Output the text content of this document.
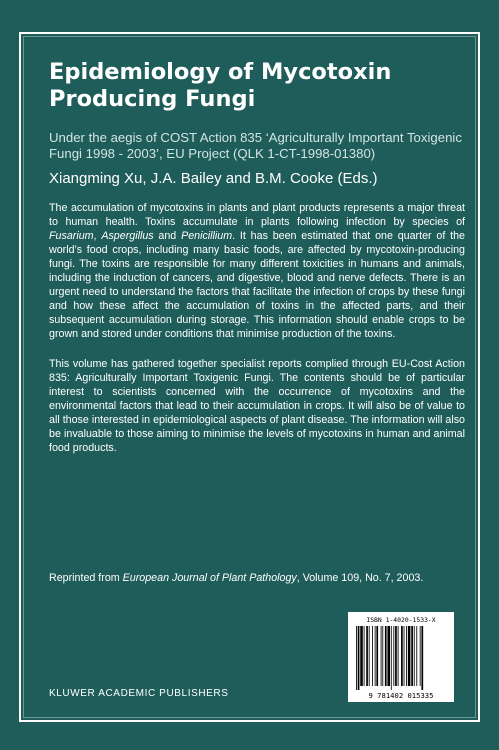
Epidemiology of Mycotoxin Producing Fungi

Under the aegis of COST Action 835 ‘Agriculturally Important Toxigenic Fungi 1998 - 2003’, EU Project (QLK 1-CT-1998-01380)

Xiangming Xu, J.A. Bailey and B.M. Cooke (Eds.)

The accumulation of mycotoxins in plants and plant products represents a major threat to human health. Toxins accumulate in plants following infection by species of Fusarium, Aspergillus and Penicillium. It has been estimated that one quarter of the world’s food crops, including many basic foods, are affected by mycotoxin-producing fungi. The toxins are responsible for many different toxicities in humans and animals, including the induction of cancers, and digestive, blood and nerve defects. There is an urgent need to understand the factors that facilitate the infection of crops by these fungi and how these affect the accumulation of toxins in the affected parts, and their subsequent accumulation during storage. This information should enable crops to be grown and stored under conditions that minimise production of the toxins.

This volume has gathered together specialist reports complied through EU-Cost Action 835: Agriculturally Important Toxigenic Fungi. The contents should be of particular interest to scientists concerned with the occurrence of mycotoxins and the environmental factors that lead to their accumulation in crops. It will also be of value to all those interested in epidemiological aspects of plant disease. The information will also be invaluable to those aiming to minimise the levels of mycotoxins in human and animal food products.

Reprinted from European Journal of Plant Pathology, Volume 109, No. 7, 2003.

KLUWER ACADEMIC PUBLISHERS

ISBN 1-4020-1533-X
9 781402 015335
